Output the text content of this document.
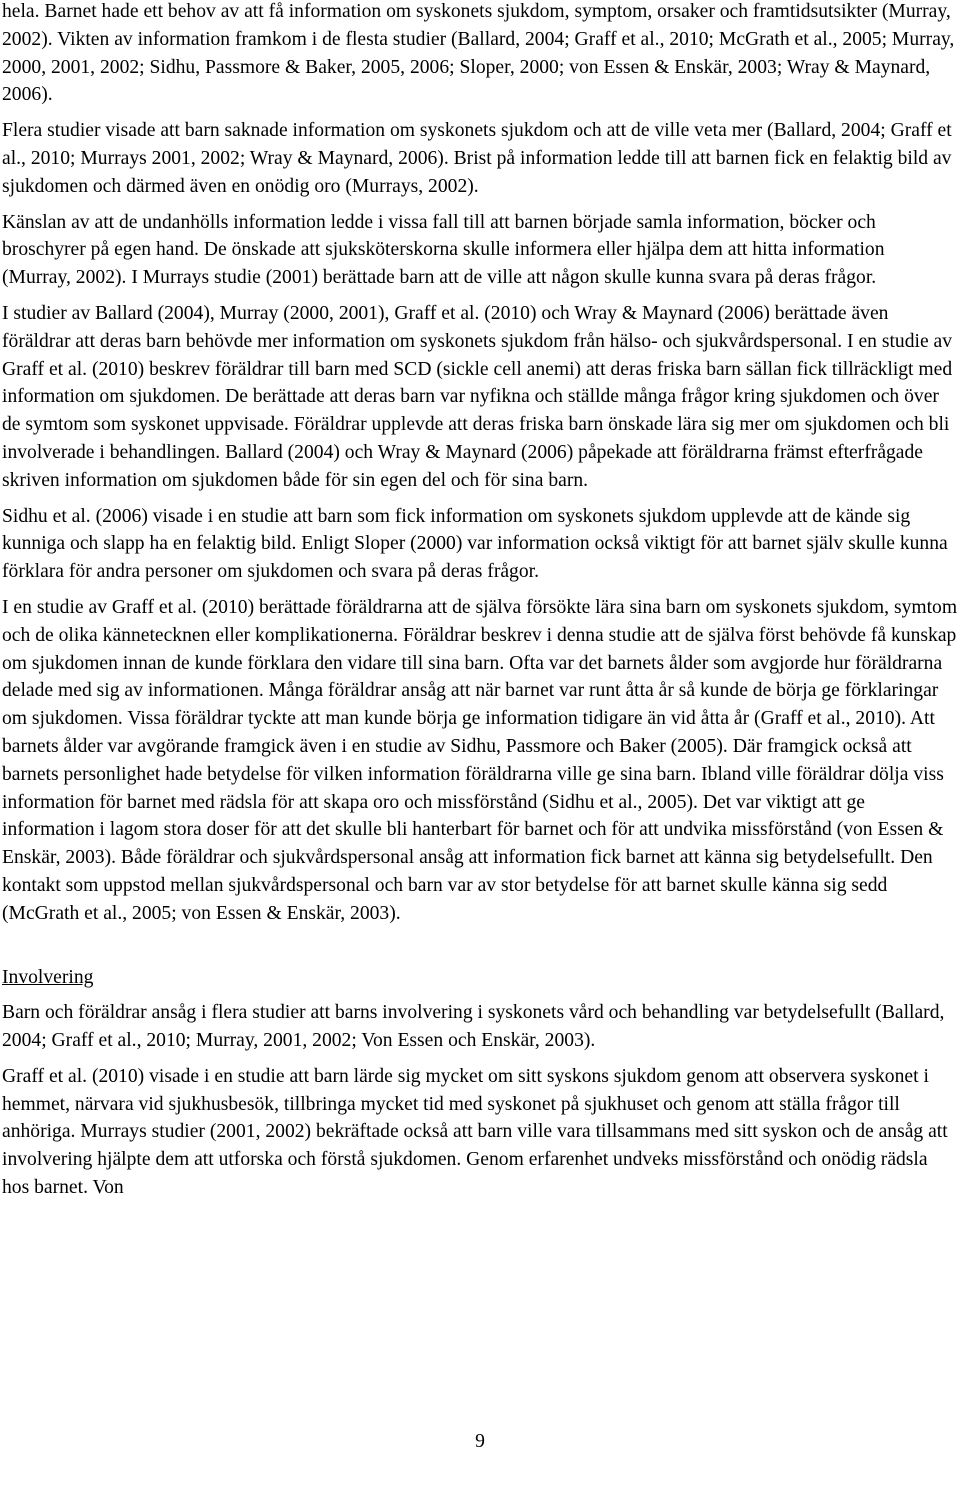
hela. Barnet hade ett behov av att få information om syskonets sjukdom, symptom, orsaker och framtidsutsikter (Murray, 2002). Vikten av information framkom i de flesta studier (Ballard, 2004; Graff et al., 2010; McGrath et al., 2005; Murray, 2000, 2001, 2002; Sidhu, Passmore & Baker, 2005, 2006; Sloper, 2000; von Essen & Enskär, 2003; Wray & Maynard, 2006).

Flera studier visade att barn saknade information om syskonets sjukdom och att de ville veta mer (Ballard, 2004; Graff et al., 2010; Murrays 2001, 2002; Wray & Maynard, 2006). Brist på information ledde till att barnen fick en felaktig bild av sjukdomen och därmed även en onödig oro (Murrays, 2002).

Känslan av att de undanhölls information ledde i vissa fall till att barnen började samla information, böcker och broschyrer på egen hand. De önskade att sjuksköterskorna skulle informera eller hjälpa dem att hitta information (Murray, 2002). I Murrays studie (2001) berättade barn att de ville att någon skulle kunna svara på deras frågor.

I studier av Ballard (2004), Murray (2000, 2001), Graff et al. (2010) och Wray & Maynard (2006) berättade även föräldrar att deras barn behövde mer information om syskonets sjukdom från hälso- och sjukvårdspersonal. I en studie av Graff et al. (2010) beskrev föräldrar till barn med SCD (sickle cell anemi) att deras friska barn sällan fick tillräckligt med information om sjukdomen. De berättade att deras barn var nyfikna och ställde många frågor kring sjukdomen och över de symtom som syskonet uppvisade. Föräldrar upplevde att deras friska barn önskade lära sig mer om sjukdomen och bli involverade i behandlingen. Ballard (2004) och Wray & Maynard (2006) påpekade att föräldrarna främst efterfrågade skriven information om sjukdomen både för sin egen del och för sina barn.

Sidhu et al. (2006) visade i en studie att barn som fick information om syskonets sjukdom upplevde att de kände sig kunniga och slapp ha en felaktig bild. Enligt Sloper (2000) var information också viktigt för att barnet själv skulle kunna förklara för andra personer om sjukdomen och svara på deras frågor.

I en studie av Graff et al. (2010) berättade föräldrarna att de själva försökte lära sina barn om syskonets sjukdom, symtom och de olika kännetecknen eller komplikationerna. Föräldrar beskrev i denna studie att de själva först behövde få kunskap om sjukdomen innan de kunde förklara den vidare till sina barn. Ofta var det barnets ålder som avgjorde hur föräldrarna delade med sig av informationen. Många föräldrar ansåg att när barnet var runt åtta år så kunde de börja ge förklaringar om sjukdomen. Vissa föräldrar tyckte att man kunde börja ge information tidigare än vid åtta år (Graff et al., 2010). Att barnets ålder var avgörande framgick även i en studie av Sidhu, Passmore och Baker (2005). Där framgick också att barnets personlighet hade betydelse för vilken information föräldrarna ville ge sina barn. Ibland ville föräldrar dölja viss information för barnet med rädsla för att skapa oro och missförstånd (Sidhu et al., 2005). Det var viktigt att ge information i lagom stora doser för att det skulle bli hanterbart för barnet och för att undvika missförstånd (von Essen & Enskär, 2003). Både föräldrar och sjukvårdspersonal ansåg att information fick barnet att känna sig betydelsefullt. Den kontakt som uppstod mellan sjukvårdspersonal och barn var av stor betydelse för att barnet skulle känna sig sedd (McGrath et al., 2005; von Essen & Enskär, 2003).

Involvering

Barn och föräldrar ansåg i flera studier att barns involvering i syskonets vård och behandling var betydelsefullt (Ballard, 2004; Graff et al., 2010; Murray, 2001, 2002; Von Essen och Enskär, 2003).

Graff et al. (2010) visade i en studie att barn lärde sig mycket om sitt syskons sjukdom genom att observera syskonet i hemmet, närvara vid sjukhusbesök, tillbringa mycket tid med syskonet på sjukhuset och genom att ställa frågor till anhöriga. Murrays studier (2001, 2002) bekräftade också att barn ville vara tillsammans med sitt syskon och de ansåg att involvering hjälpte dem att utforska och förstå sjukdomen. Genom erfarenhet undveks missförstånd och onödig rädsla hos barnet. Von

9
